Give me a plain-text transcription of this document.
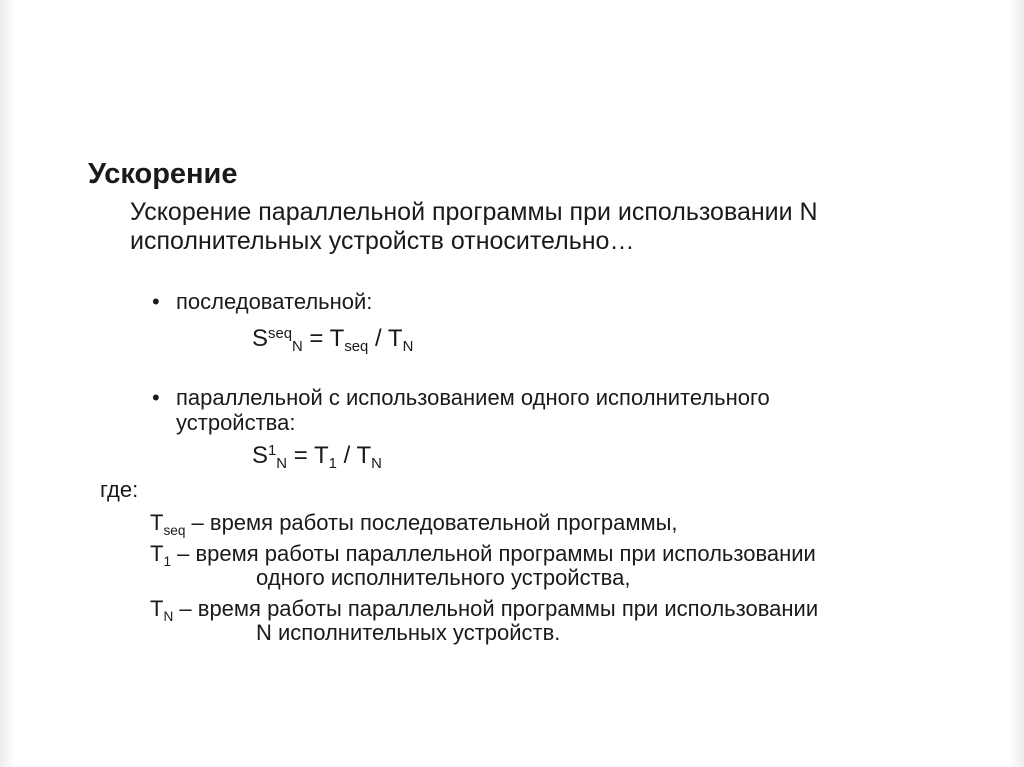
Ускорение
Ускорение параллельной программы при использовании N
исполнительных устройств относительно…
• последовательной:
$S^{seq}_N = T_{seq} / T_N$
• параллельной с использованием одного исполнительного
устройства:
$S^1_N = T_1 / T_N$
где:
$T_{seq}$ – время работы последовательной программы,
$T_1$ – время работы параллельной программы при использовании
одного исполнительного устройства,
$T_N$ – время работы параллельной программы при использовании
N исполнительных устройств.
